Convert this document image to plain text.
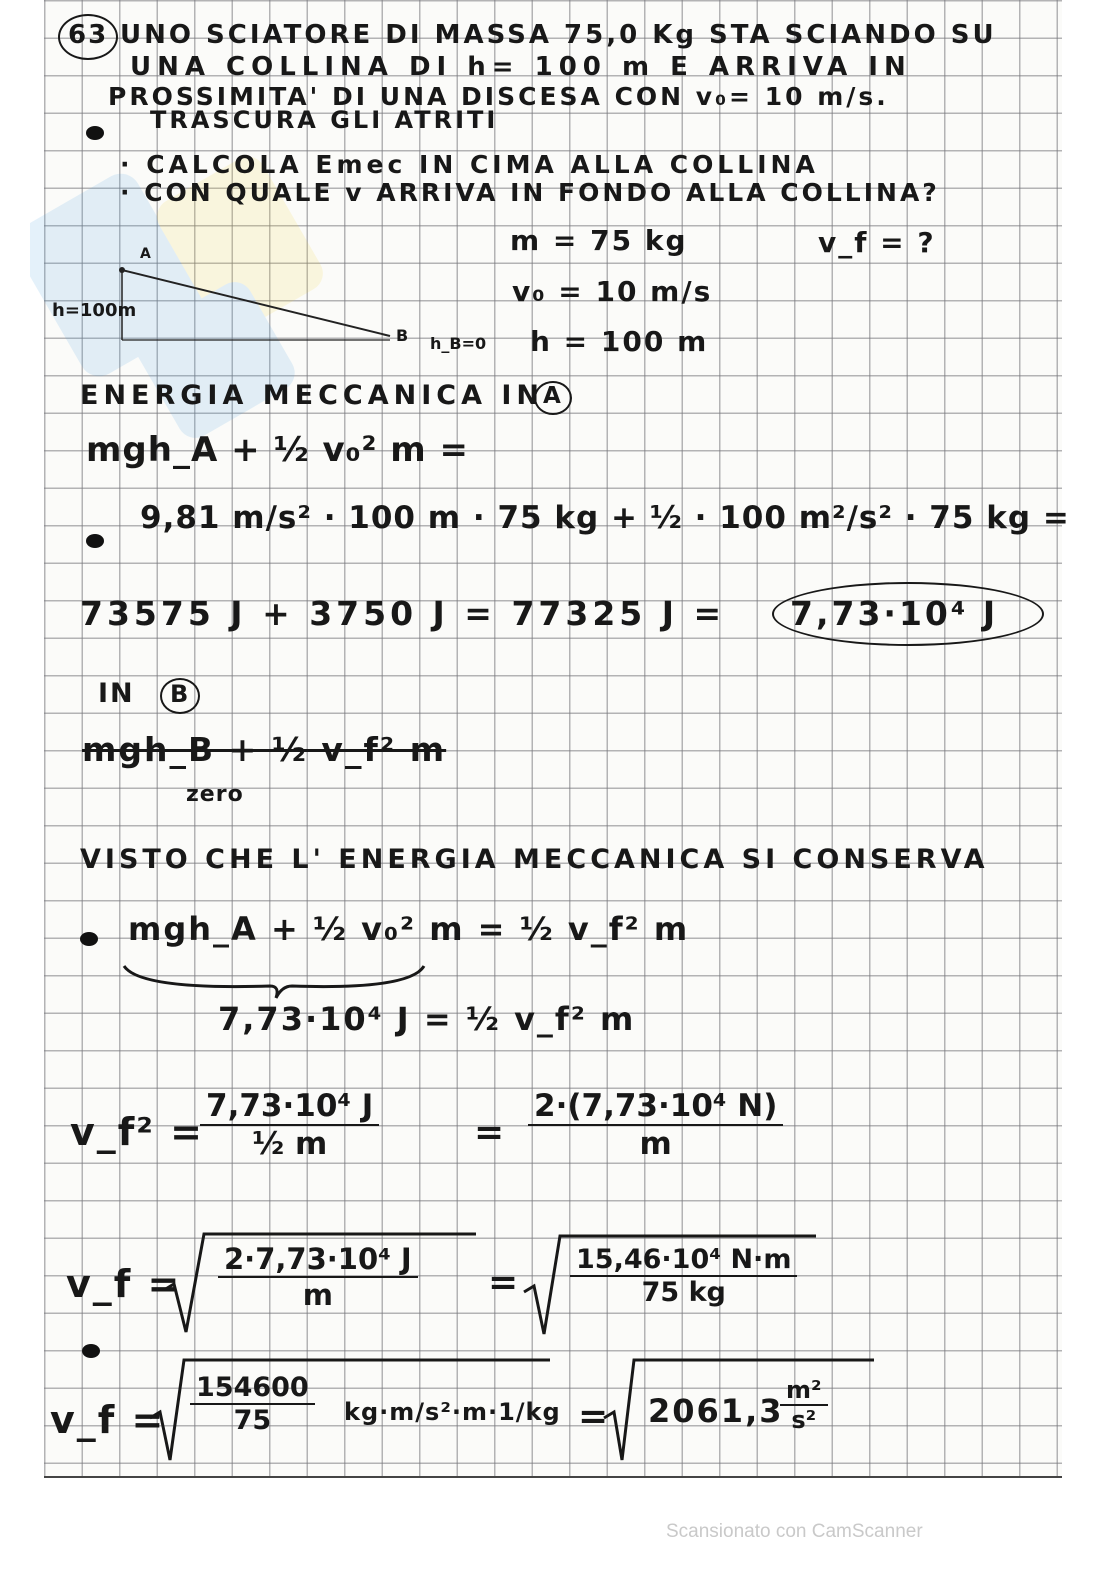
63 UNO SCIATORE DI MASSA 75,0 Kg STA SCIANDO SU
UNA COLLINA DI h= 100 m E ARRIVA IN
PROSSIMITA' DI UNA DISCESA CON v₀= 10 m/s.
TRASCURA GLI ATRITI
· CALCOLA Emec IN CIMA ALLA COLLINA
· CON QUALE v ARRIVA IN FONDO ALLA COLLINA?
m = 75 kg	v_f = ?
v₀ = 10 m/s
h = 100 m
A
B
h=100m
h_B=0
ENERGIA MECCANICA IN
A
mgh_A + ½ v₀² m =
9,81 m/s² · 100 m · 75 kg + ½ · 100 m²/s² · 75 kg =
73575 J + 3750 J = 77325 J = 7,73·10⁴ J
IN B
mgh_B + ½ v_f² m
zero
VISTO CHE L' ENERGIA MECCANICA SI CONSERVA
mgh_A + ½ v₀² m = ½ v_f² m
7,73·10⁴ J = ½ v_f² m
v_f² =
$\frac{\text{7,73·10⁴ J}}{\text{½ m}}$	= $\frac{\text{2·(7,73·10⁴ N)}}{m}$
v_f = $\frac{\text{2·7,73·10⁴ J}}{m} = \frac{\text{15,46·10⁴ N·m}}{75 kg}$
v_f = $\frac{154600}{75} kg\cdot m/s^2\cdot m\cdot 1/kg = 2061,3$
$\frac{\text{m²}}{\text{s²}}$
Scansionato con CamScanner
